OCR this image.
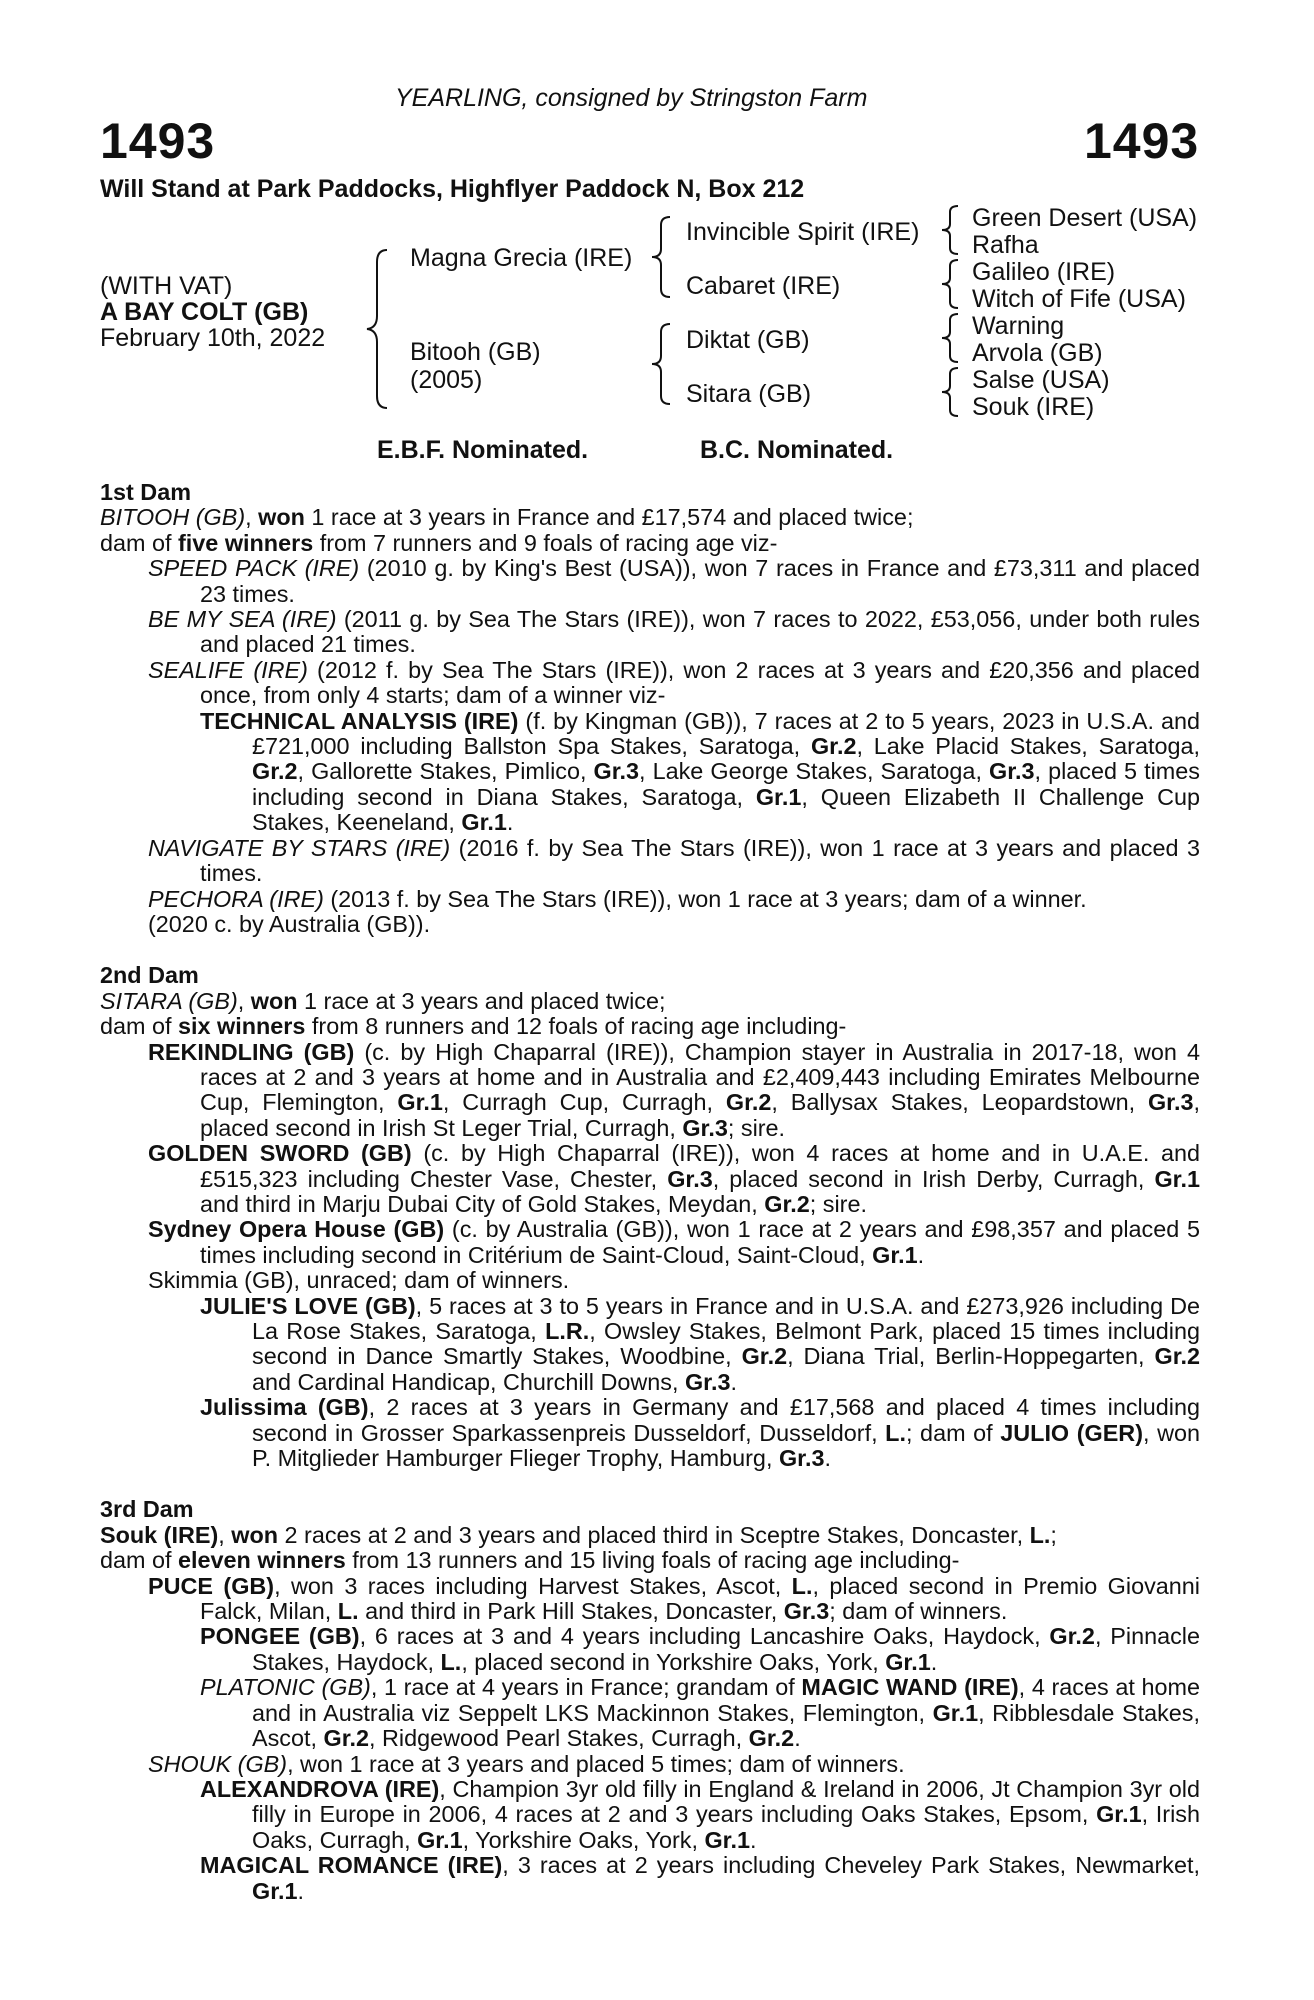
YEARLING, consigned by Stringston Farm
1493	1493
Will Stand at Park Paddocks, Highflyer Paddock N, Box 212
(WITH VAT)
A BAY COLT (GB)
February 10th, 2022
Magna Grecia (IRE)
Bitooh (GB)
(2005)
Invincible Spirit (IRE)
Cabaret (IRE)
Diktat (GB)
Sitara (GB)
Green Desert (USA)
Rafha
Galileo (IRE)
Witch of Fife (USA)
Warning
Arvola (GB)
Salse (USA)
Souk (IRE)
E.B.F. Nominated.	B.C. Nominated.
1st Dam
BITOOH (GB), won 1 race at 3 years in France and £17,574 and placed twice;
dam of five winners from 7 runners and 9 foals of racing age viz-
SPEED PACK (IRE) (2010 g. by King's Best (USA)), won 7 races in France and £73,311 and placed 23 times.
BE MY SEA (IRE) (2011 g. by Sea The Stars (IRE)), won 7 races to 2022, £53,056, under both rules and placed 21 times.
SEALIFE (IRE) (2012 f. by Sea The Stars (IRE)), won 2 races at 3 years and £20,356 and placed once, from only 4 starts; dam of a winner viz-
TECHNICAL ANALYSIS (IRE) (f. by Kingman (GB)), 7 races at 2 to 5 years, 2023 in U.S.A. and £721,000 including Ballston Spa Stakes, Saratoga, Gr.2, Lake Placid Stakes, Saratoga, Gr.2, Gallorette Stakes, Pimlico, Gr.3, Lake George Stakes, Saratoga, Gr.3, placed 5 times including second in Diana Stakes, Saratoga, Gr.1, Queen Elizabeth II Challenge Cup Stakes, Keeneland, Gr.1.
NAVIGATE BY STARS (IRE) (2016 f. by Sea The Stars (IRE)), won 1 race at 3 years and placed 3 times.
PECHORA (IRE) (2013 f. by Sea The Stars (IRE)), won 1 race at 3 years; dam of a winner.
(2020 c. by Australia (GB)).
2nd Dam
SITARA (GB), won 1 race at 3 years and placed twice;
dam of six winners from 8 runners and 12 foals of racing age including-
REKINDLING (GB) (c. by High Chaparral (IRE)), Champion stayer in Australia in 2017-18, won 4 races at 2 and 3 years at home and in Australia and £2,409,443 including Emirates Melbourne Cup, Flemington, Gr.1, Curragh Cup, Curragh, Gr.2, Ballysax Stakes, Leopardstown, Gr.3, placed second in Irish St Leger Trial, Curragh, Gr.3; sire.
GOLDEN SWORD (GB) (c. by High Chaparral (IRE)), won 4 races at home and in U.A.E. and £515,323 including Chester Vase, Chester, Gr.3, placed second in Irish Derby, Curragh, Gr.1 and third in Marju Dubai City of Gold Stakes, Meydan, Gr.2; sire.
Sydney Opera House (GB) (c. by Australia (GB)), won 1 race at 2 years and £98,357 and placed 5 times including second in Critérium de Saint-Cloud, Saint-Cloud, Gr.1.
Skimmia (GB), unraced; dam of winners.
JULIE'S LOVE (GB), 5 races at 3 to 5 years in France and in U.S.A. and £273,926 including De La Rose Stakes, Saratoga, L.R., Owsley Stakes, Belmont Park, placed 15 times including second in Dance Smartly Stakes, Woodbine, Gr.2, Diana Trial, Berlin-Hoppegarten, Gr.2 and Cardinal Handicap, Churchill Downs, Gr.3.
Julissima (GB), 2 races at 3 years in Germany and £17,568 and placed 4 times including second in Grosser Sparkassenpreis Dusseldorf, Dusseldorf, L.; dam of JULIO (GER), won P. Mitglieder Hamburger Flieger Trophy, Hamburg, Gr.3.
3rd Dam
Souk (IRE), won 2 races at 2 and 3 years and placed third in Sceptre Stakes, Doncaster, L.;
dam of eleven winners from 13 runners and 15 living foals of racing age including-
PUCE (GB), won 3 races including Harvest Stakes, Ascot, L., placed second in Premio Giovanni Falck, Milan, L. and third in Park Hill Stakes, Doncaster, Gr.3; dam of winners.
PONGEE (GB), 6 races at 3 and 4 years including Lancashire Oaks, Haydock, Gr.2, Pinnacle Stakes, Haydock, L., placed second in Yorkshire Oaks, York, Gr.1.
PLATONIC (GB), 1 race at 4 years in France; grandam of MAGIC WAND (IRE), 4 races at home and in Australia viz Seppelt LKS Mackinnon Stakes, Flemington, Gr.1, Ribblesdale Stakes, Ascot, Gr.2, Ridgewood Pearl Stakes, Curragh, Gr.2.
SHOUK (GB), won 1 race at 3 years and placed 5 times; dam of winners.
ALEXANDROVA (IRE), Champion 3yr old filly in England & Ireland in 2006, Jt Champion 3yr old filly in Europe in 2006, 4 races at 2 and 3 years including Oaks Stakes, Epsom, Gr.1, Irish Oaks, Curragh, Gr.1, Yorkshire Oaks, York, Gr.1.
MAGICAL ROMANCE (IRE), 3 races at 2 years including Cheveley Park Stakes, Newmarket, Gr.1.
